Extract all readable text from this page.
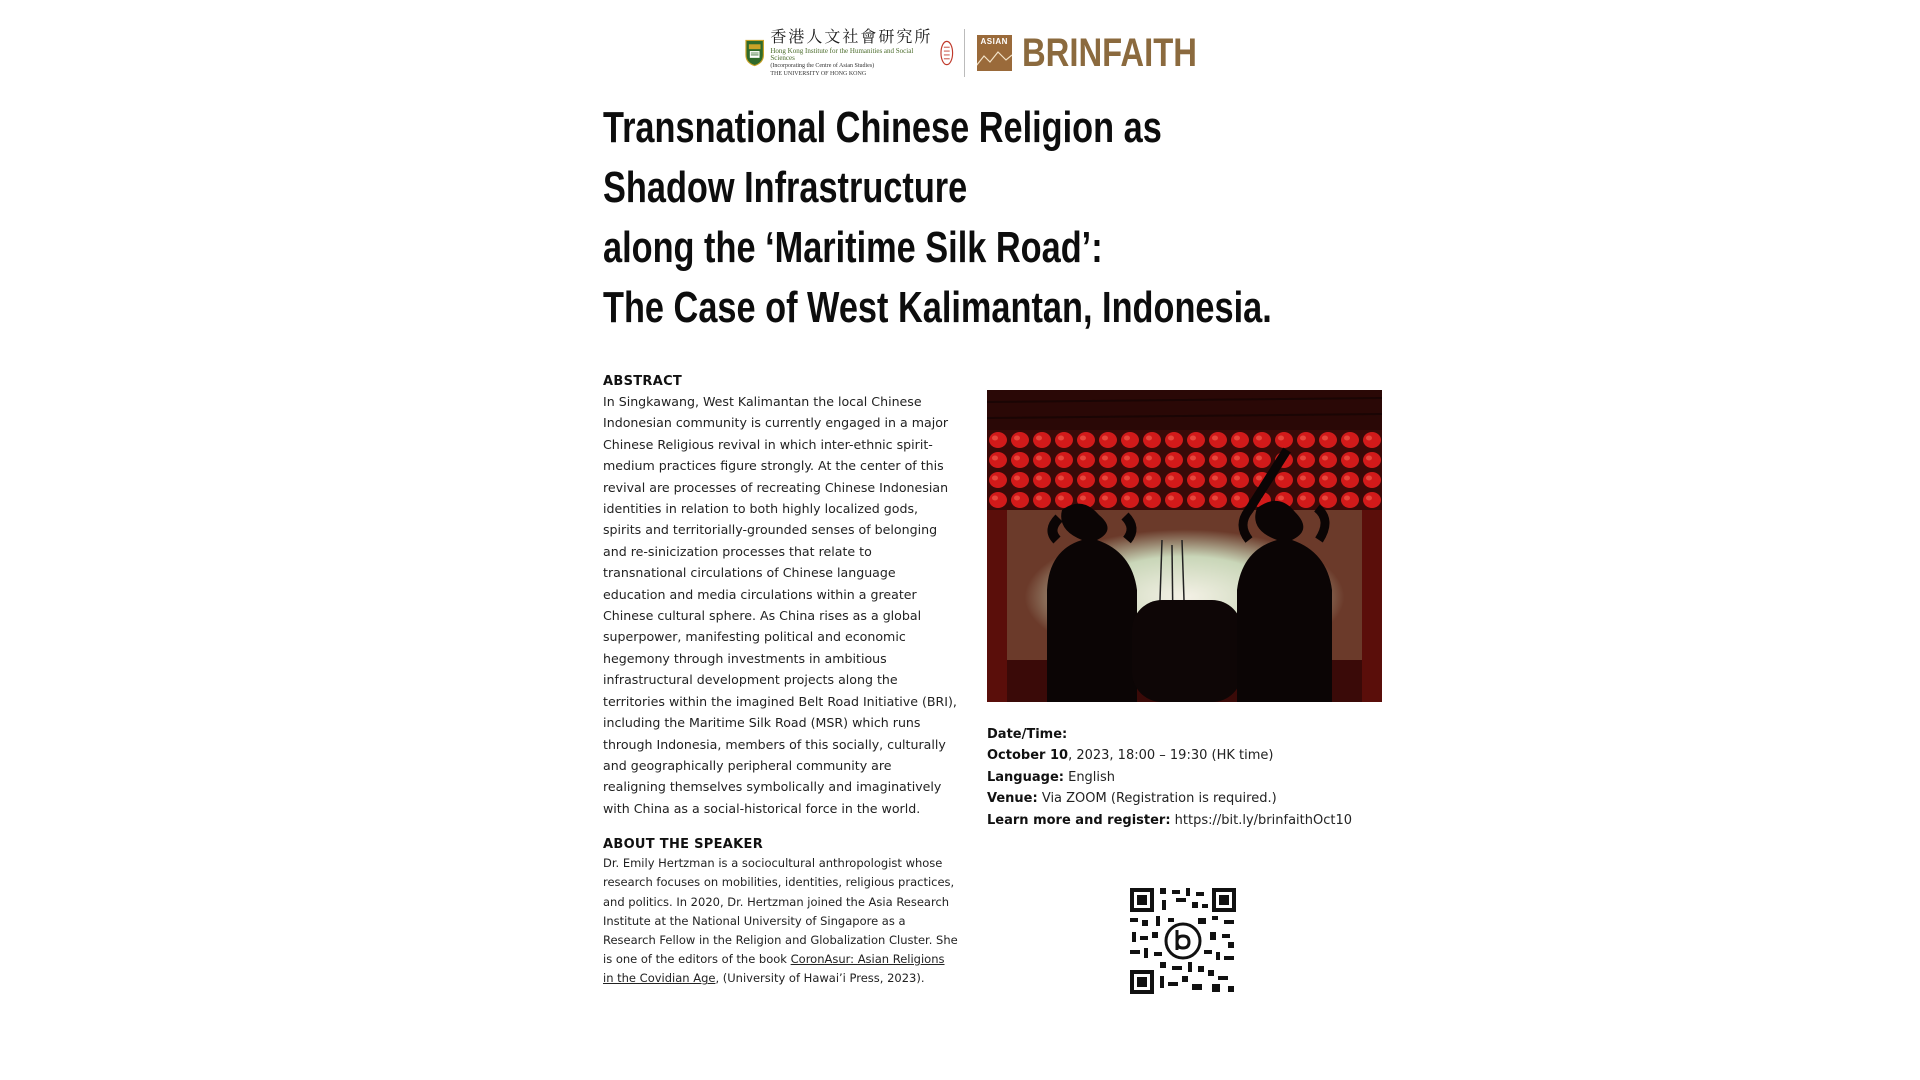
香港人文社會研究所
Hong Kong Institute for the Humanities and Social Sciences
(Incorporating the Centre of Asian Studies)
THE UNIVERSITY OF HONG KONG
ASIAN BRINFAITH
Transnational Chinese Religion as
Shadow Infrastructure
along the ‘Maritime Silk Road’:
The Case of West Kalimantan, Indonesia.
ABSTRACT

In Singkawang, West Kalimantan the local Chinese Indonesian community is currently engaged in a major Chinese Religious revival in which inter-ethnic spirit-medium practices figure strongly. At the center of this revival are processes of recreating Chinese Indonesian identities in relation to both highly localized gods, spirits and territorially-grounded senses of belonging and re-sinicization processes that relate to transnational circulations of Chinese language education and media circulations within a greater Chinese cultural sphere. As China rises as a global superpower, manifesting political and economic hegemony through investments in ambitious infrastructural development projects along the territories within the imagined Belt Road Initiative (BRI), including the Maritime Silk Road (MSR) which runs through Indonesia, members of this socially, culturally and geographically peripheral community are realigning themselves symbolically and imaginatively with China as a social-historical force in the world.

ABOUT THE SPEAKER

Dr. Emily Hertzman is a sociocultural anthropologist whose research focuses on mobilities, identities, religious practices, and politics. In 2020, Dr. Hertzman joined the Asia Research Institute at the National University of Singapore as a Research Fellow in the Religion and Globalization Cluster. She is one of the editors of the book CoronAsur: Asian Religions in the Covidian Age, (University of Hawai’i Press, 2023).

Date/Time:
October 10, 2023, 18:00 – 19:30 (HK time)
Language: English
Venue: Via ZOOM (Registration is required.)
Learn more and register: https://bit.ly/brinfaithOct10
